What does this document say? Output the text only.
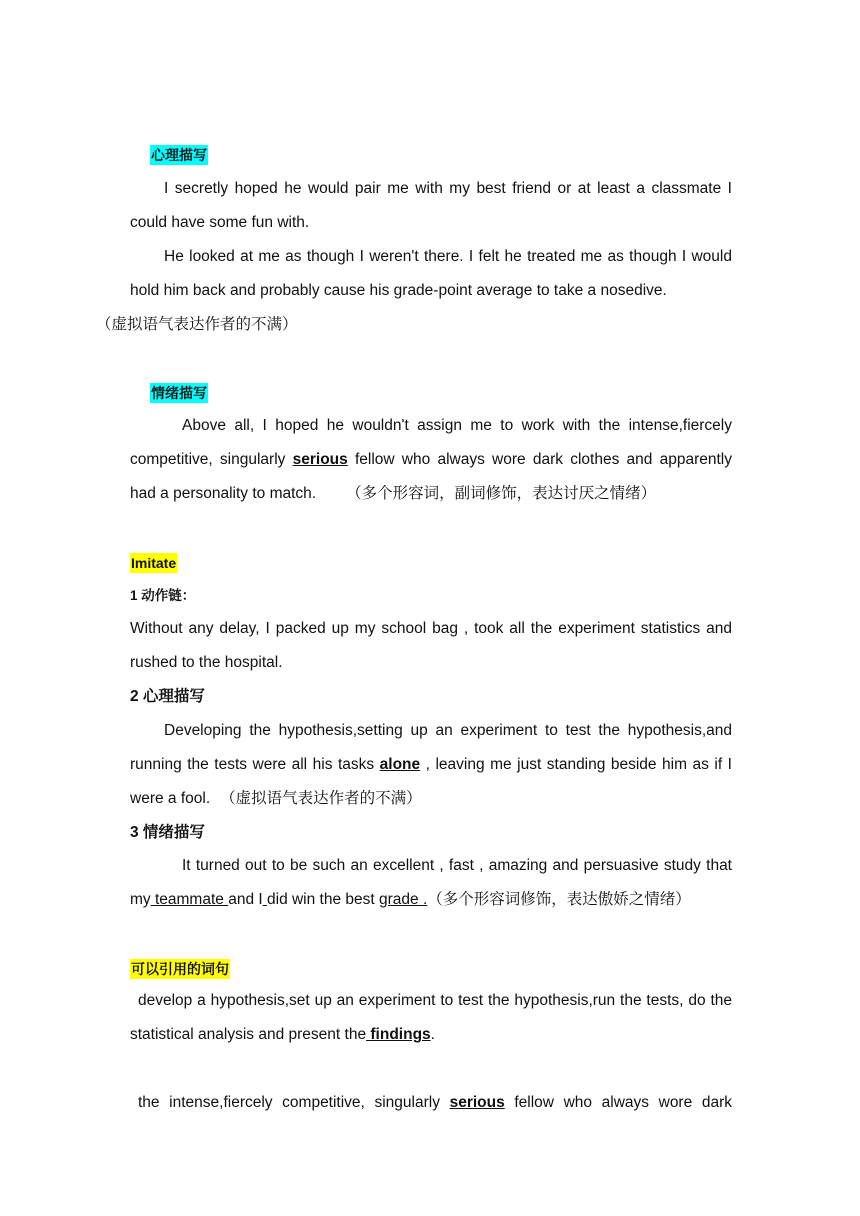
心理描写
I secretly hoped he would pair me with my best friend or at least a classmate I could have some fun with.
He looked at me as though I weren't there. I felt he treated me as though I would hold him back and probably cause his grade-point average to take a nosedive.
（虚拟语气表达作者的不满）
情绪描写
Above all, I hoped he wouldn't assign me to work with the intense,fiercely competitive, singularly serious fellow who always wore dark clothes and apparently had a personality to match. （多个形容词，副词修饰，表达讨厌之情绪）
Imitate
1 动作链：
Without any delay, I packed up my school bag , took all the experiment statistics and rushed to the hospital.
2 心理描写
Developing the hypothesis,setting up an experiment to test the hypothesis,and running the tests were all his tasks alone , leaving me just standing beside him as if I were a fool. （虚拟语气表达作者的不满）
3 情绪描写
It turned out to be such an excellent , fast , amazing and persuasive study that my teammate and I did win the best grade .（多个形容词修饰，表达傲娇之情绪）
可以引用的词句
develop a hypothesis,set up an experiment to test the hypothesis,run the tests, do the statistical analysis and present the findings.
the intense,fiercely competitive, singularly serious fellow who always wore dark
